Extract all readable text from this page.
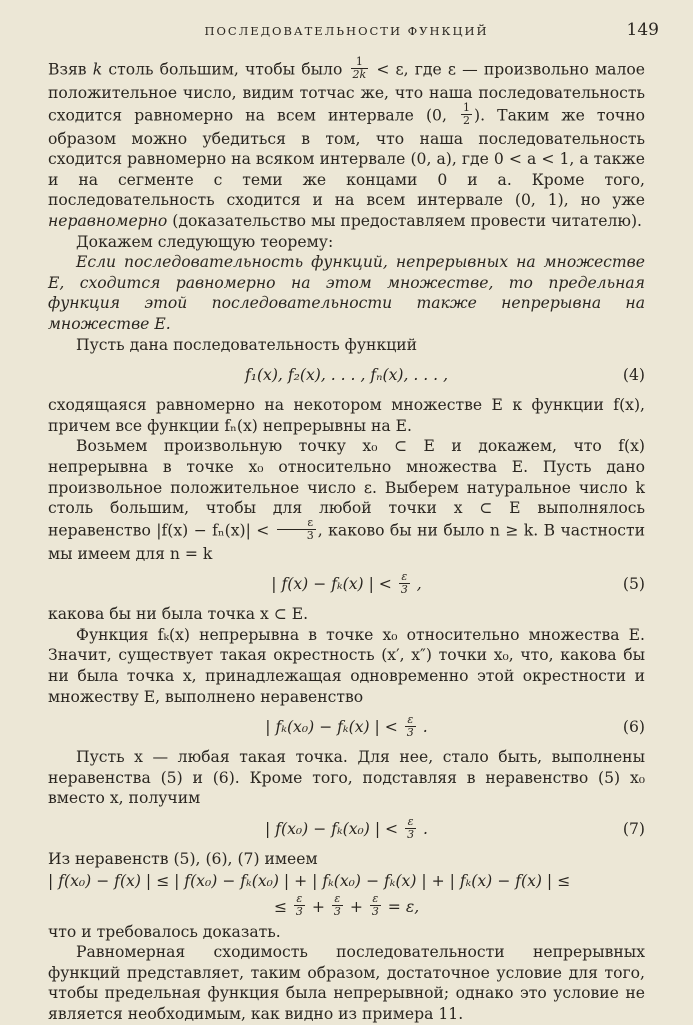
ПОСЛЕДОВАТЕЛЬНОСТИ ФУНКЦИЙ	149

Взяв k столь большим, чтобы было $\frac{1}{2k} < \varepsilon$, где ε — произвольно малое положительное число, видим тотчас же, что наша последовательность сходится равномерно на всем интервале (0, $\frac{1}{2}$ ). Таким же точно образом можно убедиться в том, что наша последовательность сходится равномерно на всяком интервале (0, a), где 0 < a < 1, а также и на сегменте с теми же концами 0 и a. Кроме того, последовательность сходится и на всем интервале (0, 1), но уже неравномерно (доказательство мы предоставляем провести читателю).

Докажем следующую теорему:

Если последовательность функций, непрерывных на множестве E, сходится равномерно на этом множестве, то предельная функция этой последовательности также непрерывна на множестве E.

Пусть дана последовательность функций

f₁(x), f₂(x), . . . , fₙ(x), . . . ,	(4)

сходящаяся равномерно на некотором множестве E к функции f(x), причем все функции fₙ(x) непрерывны на E.

Возьмем произвольную точку x₀ ⊂ E и докажем, что f(x) непрерывна в точке x₀ относительно множества E. Пусть дано произвольное положительное число ε. Выберем натуральное число k столь большим, чтобы для любой точки x ⊂ E выполнялось неравенство $|f(x) - f_n(x)| < \frac{\varepsilon}{3}$ , каково бы ни было n ≥ k. В частности мы имеем для n = k

| f(x) − fₖ(x) | < $\frac{\varepsilon}{3}$ ,	(5)

какова бы ни была точка x ⊂ E.

Функция fₖ(x) непрерывна в точке x₀ относительно множества E. Значит, существует такая окрестность (x′, x″) точки x₀, что, какова бы ни была точка x, принадлежащая одновременно этой окрестности и множеству E, выполнено неравенство

| fₖ(x₀) − fₖ(x) | < $\frac{\varepsilon}{3}$ .	(6)

Пусть x — любая такая точка. Для нее, стало быть, выполнены неравенства (5) и (6). Кроме того, подставляя в неравенство (5) x₀ вместо x, получим

| f(x₀) − fₖ(x₀) | < $\frac{\varepsilon}{3}$ .	(7)

Из неравенств (5), (6), (7) имеем

| f(x₀) − f(x) | ≤ | f(x₀) − fₖ(x₀) | + | fₖ(x₀) − fₖ(x) | + | fₖ(x) − f(x) | ≤
≤ $\frac{\varepsilon}{3} + \frac{\varepsilon}{3} + \frac{\varepsilon}{3} = \varepsilon$,

что и требовалось доказать.

Равномерная сходимость последовательности непрерывных функций представляет, таким образом, достаточное условие для того, чтобы предельная функция была непрерывной; однако это условие не является необходимым, как видно из примера 11.
